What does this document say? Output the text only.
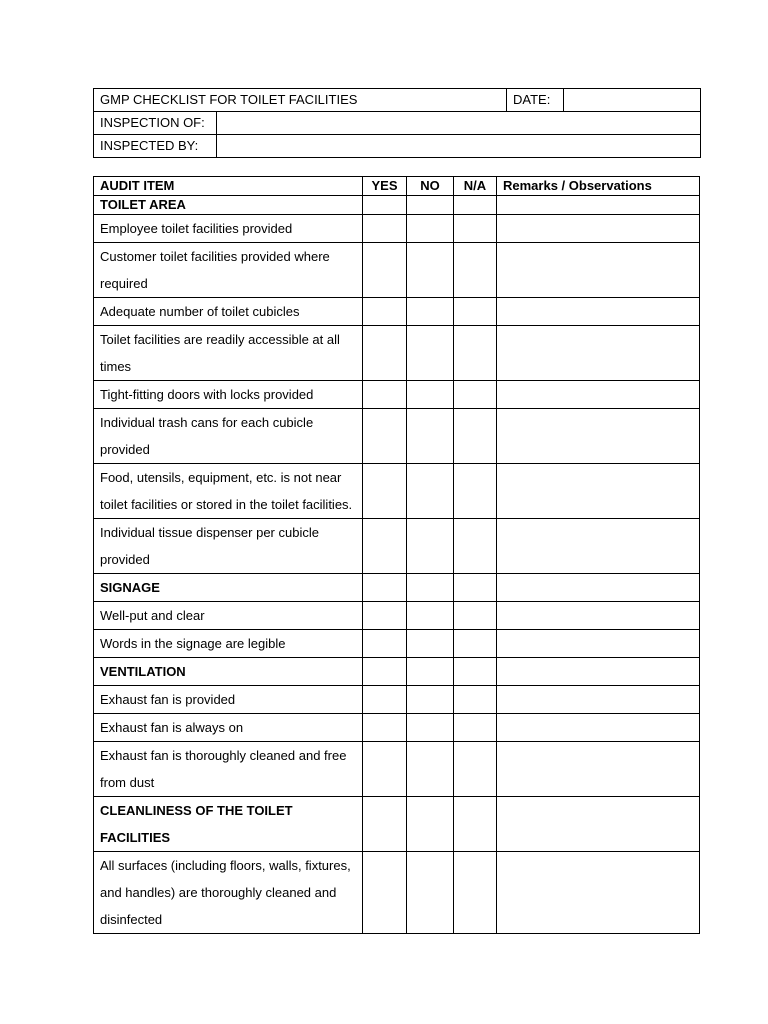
GMP CHECKLIST FOR TOILET FACILITIES	DATE:	
INSPECTION OF:	
INSPECTED BY:	
AUDIT ITEM	YES	NO	N/A	Remarks / Observations
TOILET AREA				
Employee toilet facilities provided				
Customer toilet facilities provided where required				
Adequate number of toilet cubicles				
Toilet facilities are readily accessible at all times				
Tight-fitting doors with locks provided				
Individual trash cans for each cubicle provided				
Food, utensils, equipment, etc. is not near toilet facilities or stored in the toilet facilities.				
Individual tissue dispenser per cubicle provided				
SIGNAGE				
Well-put and clear				
Words in the signage are legible				
VENTILATION				
Exhaust fan is provided				
Exhaust fan is always on				
Exhaust fan is thoroughly cleaned and free from dust				
CLEANLINESS OF THE TOILET FACILITIES				
All surfaces (including floors, walls, fixtures, and handles) are thoroughly cleaned and disinfected				
